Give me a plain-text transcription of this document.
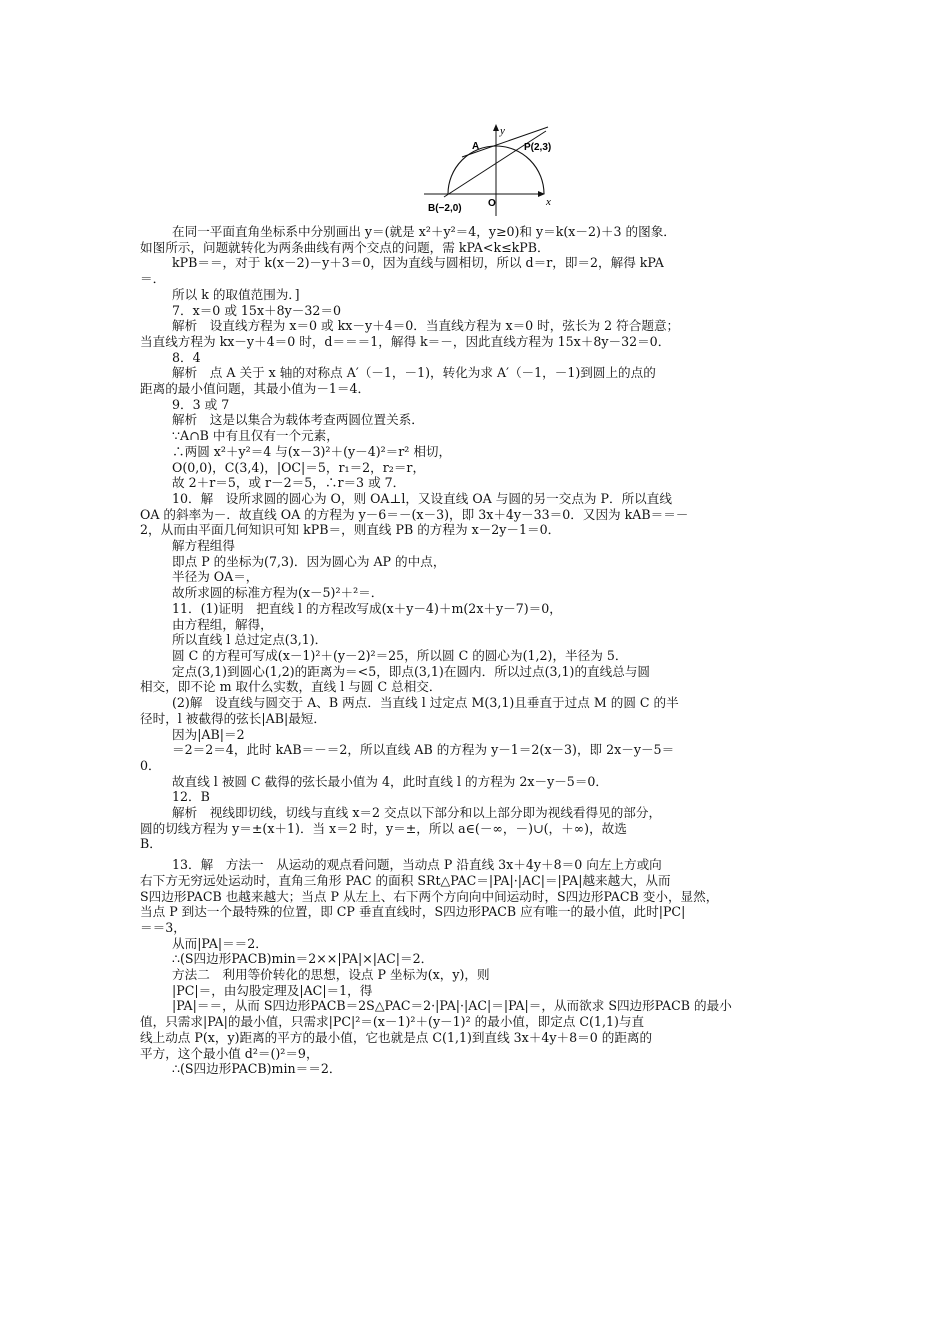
y
x
A	P(2,3)
O
B(−2,0)
在同一平面直角坐标系中分别画出 y＝(就是 x²＋y²＝4，y≥0)和 y＝k(x－2)＋3 的图象．
如图所示，问题就转化为两条曲线有两个交点的问题，需 kPA<k≤kPB．
kPB＝＝，对于 k(x－2)－y＋3＝0，因为直线与圆相切，所以 d＝r，即＝2，解得 kPA
＝．
所以 k 的取值范围为．]
7．x＝0 或 15x＋8y－32＝0
解析　设直线方程为 x＝0 或 kx－y＋4＝0．当直线方程为 x＝0 时，弦长为 2 符合题意；
当直线方程为 kx－y＋4＝0 时，d＝＝＝1，解得 k＝－，因此直线方程为 15x＋8y－32＝0．
8．4
解析　点 A 关于 x 轴的对称点 A′（－1，－1)，转化为求 A′（－1，－1)到圆上的点的
距离的最小值问题，其最小值为－1＝4．
9．3 或 7
解析　这是以集合为载体考查两圆位置关系．
∵A∩B 中有且仅有一个元素，
∴两圆 x²＋y²＝4 与(x－3)²＋(y－4)²＝r² 相切，
O(0,0)，C(3,4)，|OC|＝5，r₁＝2，r₂＝r，
故 2＋r＝5，或 r－2＝5，∴r＝3 或 7．
10．解　设所求圆的圆心为 O，则 OA⊥l，又设直线 OA 与圆的另一交点为 P．所以直线
OA 的斜率为－．故直线 OA 的方程为 y－6＝－(x－3)，即 3x＋4y－33＝0．又因为 kAB＝＝－
2，从而由平面几何知识可知 kPB＝，则直线 PB 的方程为 x－2y－1＝0．
解方程组得
即点 P 的坐标为(7,3)．因为圆心为 AP 的中点，
半径为 OA＝，
故所求圆的标准方程为(x－5)²＋²＝．
11．(1)证明　把直线 l 的方程改写成(x＋y－4)＋m(2x＋y－7)＝0，
由方程组，解得，
所以直线 l 总过定点(3,1)．
圆 C 的方程可写成(x－1)²＋(y－2)²＝25，所以圆 C 的圆心为(1,2)，半径为 5．
定点(3,1)到圆心(1,2)的距离为＝<5，即点(3,1)在圆内．所以过点(3,1)的直线总与圆
相交，即不论 m 取什么实数，直线 l 与圆 C 总相交．
(2)解　设直线与圆交于 A、B 两点．当直线 l 过定点 M(3,1)且垂直于过点 M 的圆 C 的半
径时，l 被截得的弦长|AB|最短．
因为|AB|＝2
＝2＝2＝4，此时 kAB＝－＝2，所以直线 AB 的方程为 y－1＝2(x－3)，即 2x－y－5＝
0．
故直线 l 被圆 C 截得的弦长最小值为 4，此时直线 l 的方程为 2x－y－5＝0．
12．B
解析　视线即切线，切线与直线 x＝2 交点以下部分和以上部分即为视线看得见的部分，
圆的切线方程为 y＝±(x＋1)．当 x＝2 时，y＝±，所以 a∈(－∞，－)∪(，＋∞)，故选
B．
13．解　方法一　从运动的观点看问题，当动点 P 沿直线 3x＋4y＋8＝0 向左上方或向
右下方无穷远处运动时，直角三角形 PAC 的面积 SRt△PAC＝|PA|·|AC|＝|PA|越来越大，从而
S四边形PACB 也越来越大；当点 P 从左上、右下两个方向向中间运动时，S四边形PACB 变小，显然，
当点 P 到达一个最特殊的位置，即 CP 垂直直线时，S四边形PACB 应有唯一的最小值，此时|PC|
＝＝3，
从而|PA|＝＝2．
∴(S四边形PACB)min＝2××|PA|×|AC|＝2．
方法二　利用等价转化的思想，设点 P 坐标为(x，y)，则
|PC|＝，由勾股定理及|AC|＝1，得
|PA|＝＝，从而 S四边形PACB＝2S△PAC＝2·|PA|·|AC|＝|PA|＝，从而欲求 S四边形PACB 的最小
值，只需求|PA|的最小值，只需求|PC|²＝(x－1)²＋(y－1)² 的最小值，即定点 C(1,1)与直
线上动点 P(x，y)距离的平方的最小值，它也就是点 C(1,1)到直线 3x＋4y＋8＝0 的距离的
平方，这个最小值 d²＝()²＝9，
∴(S四边形PACB)min＝＝2．
